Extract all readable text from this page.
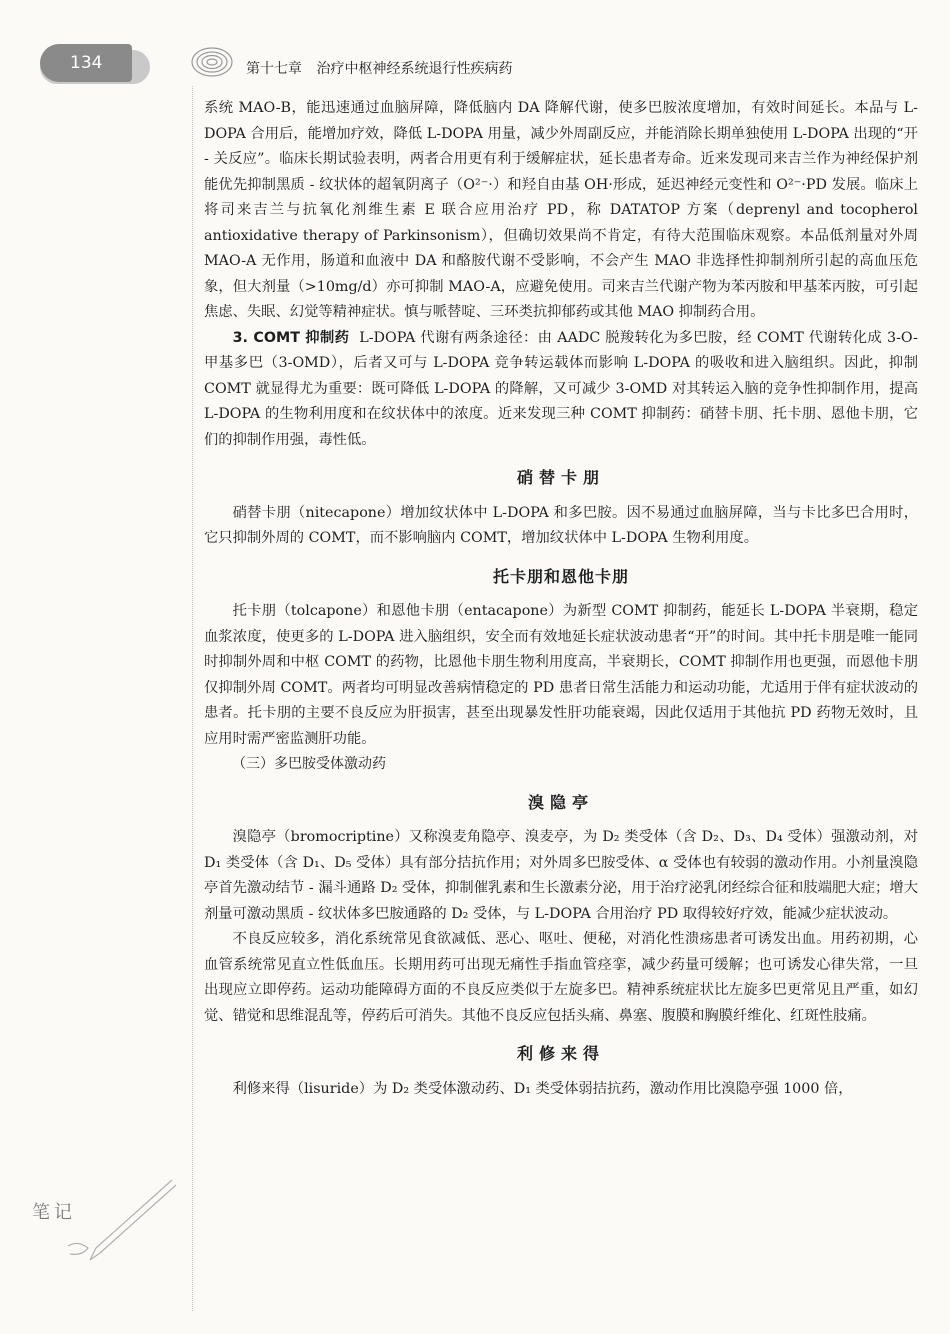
134	第十七章 治疗中枢神经系统退行性疾病药

系统 MAO-B，能迅速通过血脑屏障，降低脑内 DA 降解代谢，使多巴胺浓度增加，有效时间延长。本品与 L-DOPA 合用后，能增加疗效，降低 L-DOPA 用量，减少外周副反应，并能消除长期单独使用 L-DOPA 出现的“开 - 关反应”。临床长期试验表明，两者合用更有利于缓解症状，延长患者寿命。近来发现司来吉兰作为神经保护剂能优先抑制黑质 - 纹状体的超氧阴离子（O²⁻·）和羟自由基 OH·形成，延迟神经元变性和 O²⁻·PD 发展。临床上将司来吉兰与抗氧化剂维生素 E 联合应用治疗 PD，称 DATATOP 方案（deprenyl and tocopherol antioxidative therapy of Parkinsonism），但确切效果尚不肯定，有待大范围临床观察。本品低剂量对外周 MAO-A 无作用，肠道和血液中 DA 和酪胺代谢不受影响，不会产生 MAO 非选择性抑制剂所引起的高血压危象，但大剂量（>10mg/d）亦可抑制 MAO-A，应避免使用。司来吉兰代谢产物为苯丙胺和甲基苯丙胺，可引起焦虑、失眠、幻觉等精神症状。慎与哌替啶、三环类抗抑郁药或其他 MAO 抑制药合用。

3. COMT 抑制药 L-DOPA 代谢有两条途径：由 AADC 脱羧转化为多巴胺，经 COMT 代谢转化成 3-O- 甲基多巴（3-OMD），后者又可与 L-DOPA 竞争转运载体而影响 L-DOPA 的吸收和进入脑组织。因此，抑制 COMT 就显得尤为重要：既可降低 L-DOPA 的降解，又可减少 3-OMD 对其转运入脑的竞争性抑制作用，提高 L-DOPA 的生物利用度和在纹状体中的浓度。近来发现三种 COMT 抑制药：硝替卡朋、托卡朋、恩他卡朋，它们的抑制作用强，毒性低。

硝替卡朋

硝替卡朋（nitecapone）增加纹状体中 L-DOPA 和多巴胺。因不易通过血脑屏障，当与卡比多巴合用时，它只抑制外周的 COMT，而不影响脑内 COMT，增加纹状体中 L-DOPA 生物利用度。

托卡朋和恩他卡朋

托卡朋（tolcapone）和恩他卡朋（entacapone）为新型 COMT 抑制药，能延长 L-DOPA 半衰期，稳定血浆浓度，使更多的 L-DOPA 进入脑组织，安全而有效地延长症状波动患者“开”的时间。其中托卡朋是唯一能同时抑制外周和中枢 COMT 的药物，比恩他卡朋生物利用度高，半衰期长，COMT 抑制作用也更强，而恩他卡朋仅抑制外周 COMT。两者均可明显改善病情稳定的 PD 患者日常生活能力和运动功能，尤适用于伴有症状波动的患者。托卡朋的主要不良反应为肝损害，甚至出现暴发性肝功能衰竭，因此仅适用于其他抗 PD 药物无效时，且应用时需严密监测肝功能。

（三）多巴胺受体激动药
溴隐亭

溴隐亭（bromocriptine）又称溴麦角隐亭、溴麦亭，为 D₂ 类受体（含 D₂、D₃、D₄ 受体）强激动剂，对 D₁ 类受体（含 D₁、D₅ 受体）具有部分拮抗作用；对外周多巴胺受体、α 受体也有较弱的激动作用。小剂量溴隐亭首先激动结节 - 漏斗通路 D₂ 受体，抑制催乳素和生长激素分泌，用于治疗泌乳闭经综合征和肢端肥大症；增大剂量可激动黑质 - 纹状体多巴胺通路的 D₂ 受体，与 L-DOPA 合用治疗 PD 取得较好疗效，能减少症状波动。

不良反应较多，消化系统常见食欲减低、恶心、呕吐、便秘，对消化性溃疡患者可诱发出血。用药初期，心血管系统常见直立性低血压。长期用药可出现无痛性手指血管痉挛，减少药量可缓解；也可诱发心律失常，一旦出现应立即停药。运动功能障碍方面的不良反应类似于左旋多巴。精神系统症状比左旋多巴更常见且严重，如幻觉、错觉和思维混乱等，停药后可消失。其他不良反应包括头痛、鼻塞、腹膜和胸膜纤维化、红斑性肢痛。

利修来得

利修来得（lisuride）为 D₂ 类受体激动药、D₁ 类受体弱拮抗药，激动作用比溴隐亭强 1000 倍，

笔记
